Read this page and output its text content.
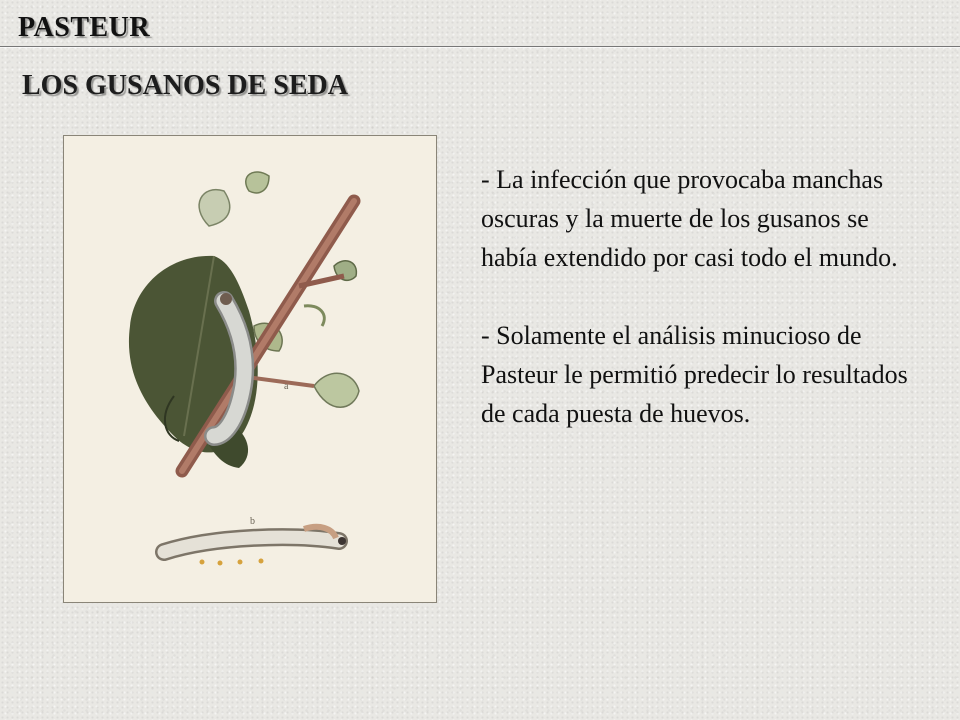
PASTEUR
LOS GUSANOS DE SEDA
a
b

- La infección que provocaba manchas oscuras y la muerte de los gusanos se había extendido por casi todo el mundo.

- Solamente el análisis minucioso de Pasteur le permitió predecir lo resultados de cada puesta de huevos.
